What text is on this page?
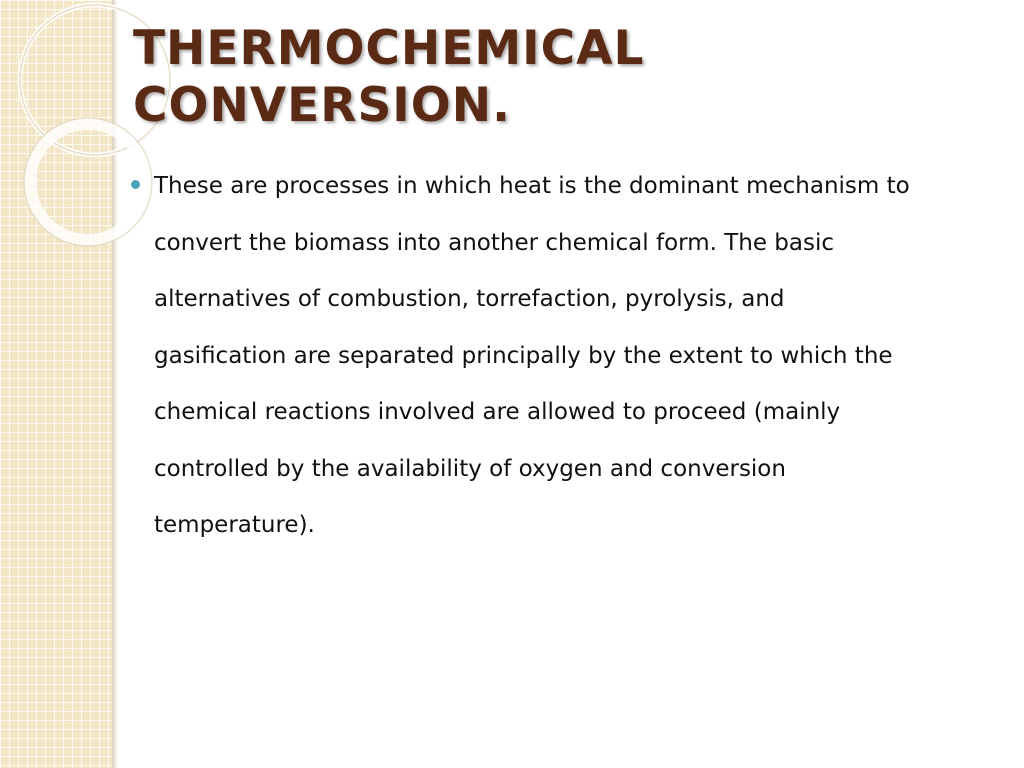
THERMOCHEMICAL
CONVERSION.
These are processes in which heat is the dominant mechanism to convert the biomass into another chemical form. The basic alternatives of combustion, torrefaction, pyrolysis, and gasification are separated principally by the extent to which the chemical reactions involved are allowed to proceed (mainly controlled by the availability of oxygen and conversion temperature).
